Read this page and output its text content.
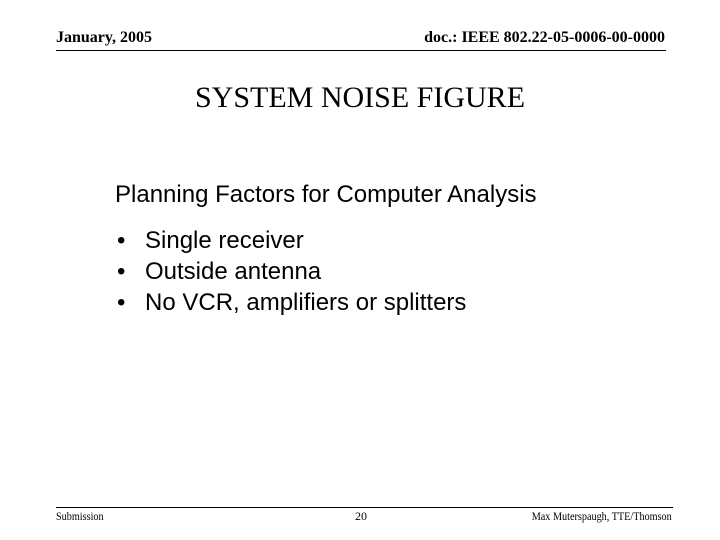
January, 2005	doc.: IEEE 802.22-05-0006-00-0000
SYSTEM NOISE FIGURE
Planning Factors for Computer Analysis
• Single receiver
• Outside antenna
• No VCR, amplifiers or splitters
Submission	20	Max Muterspaugh, TTE/Thomson
